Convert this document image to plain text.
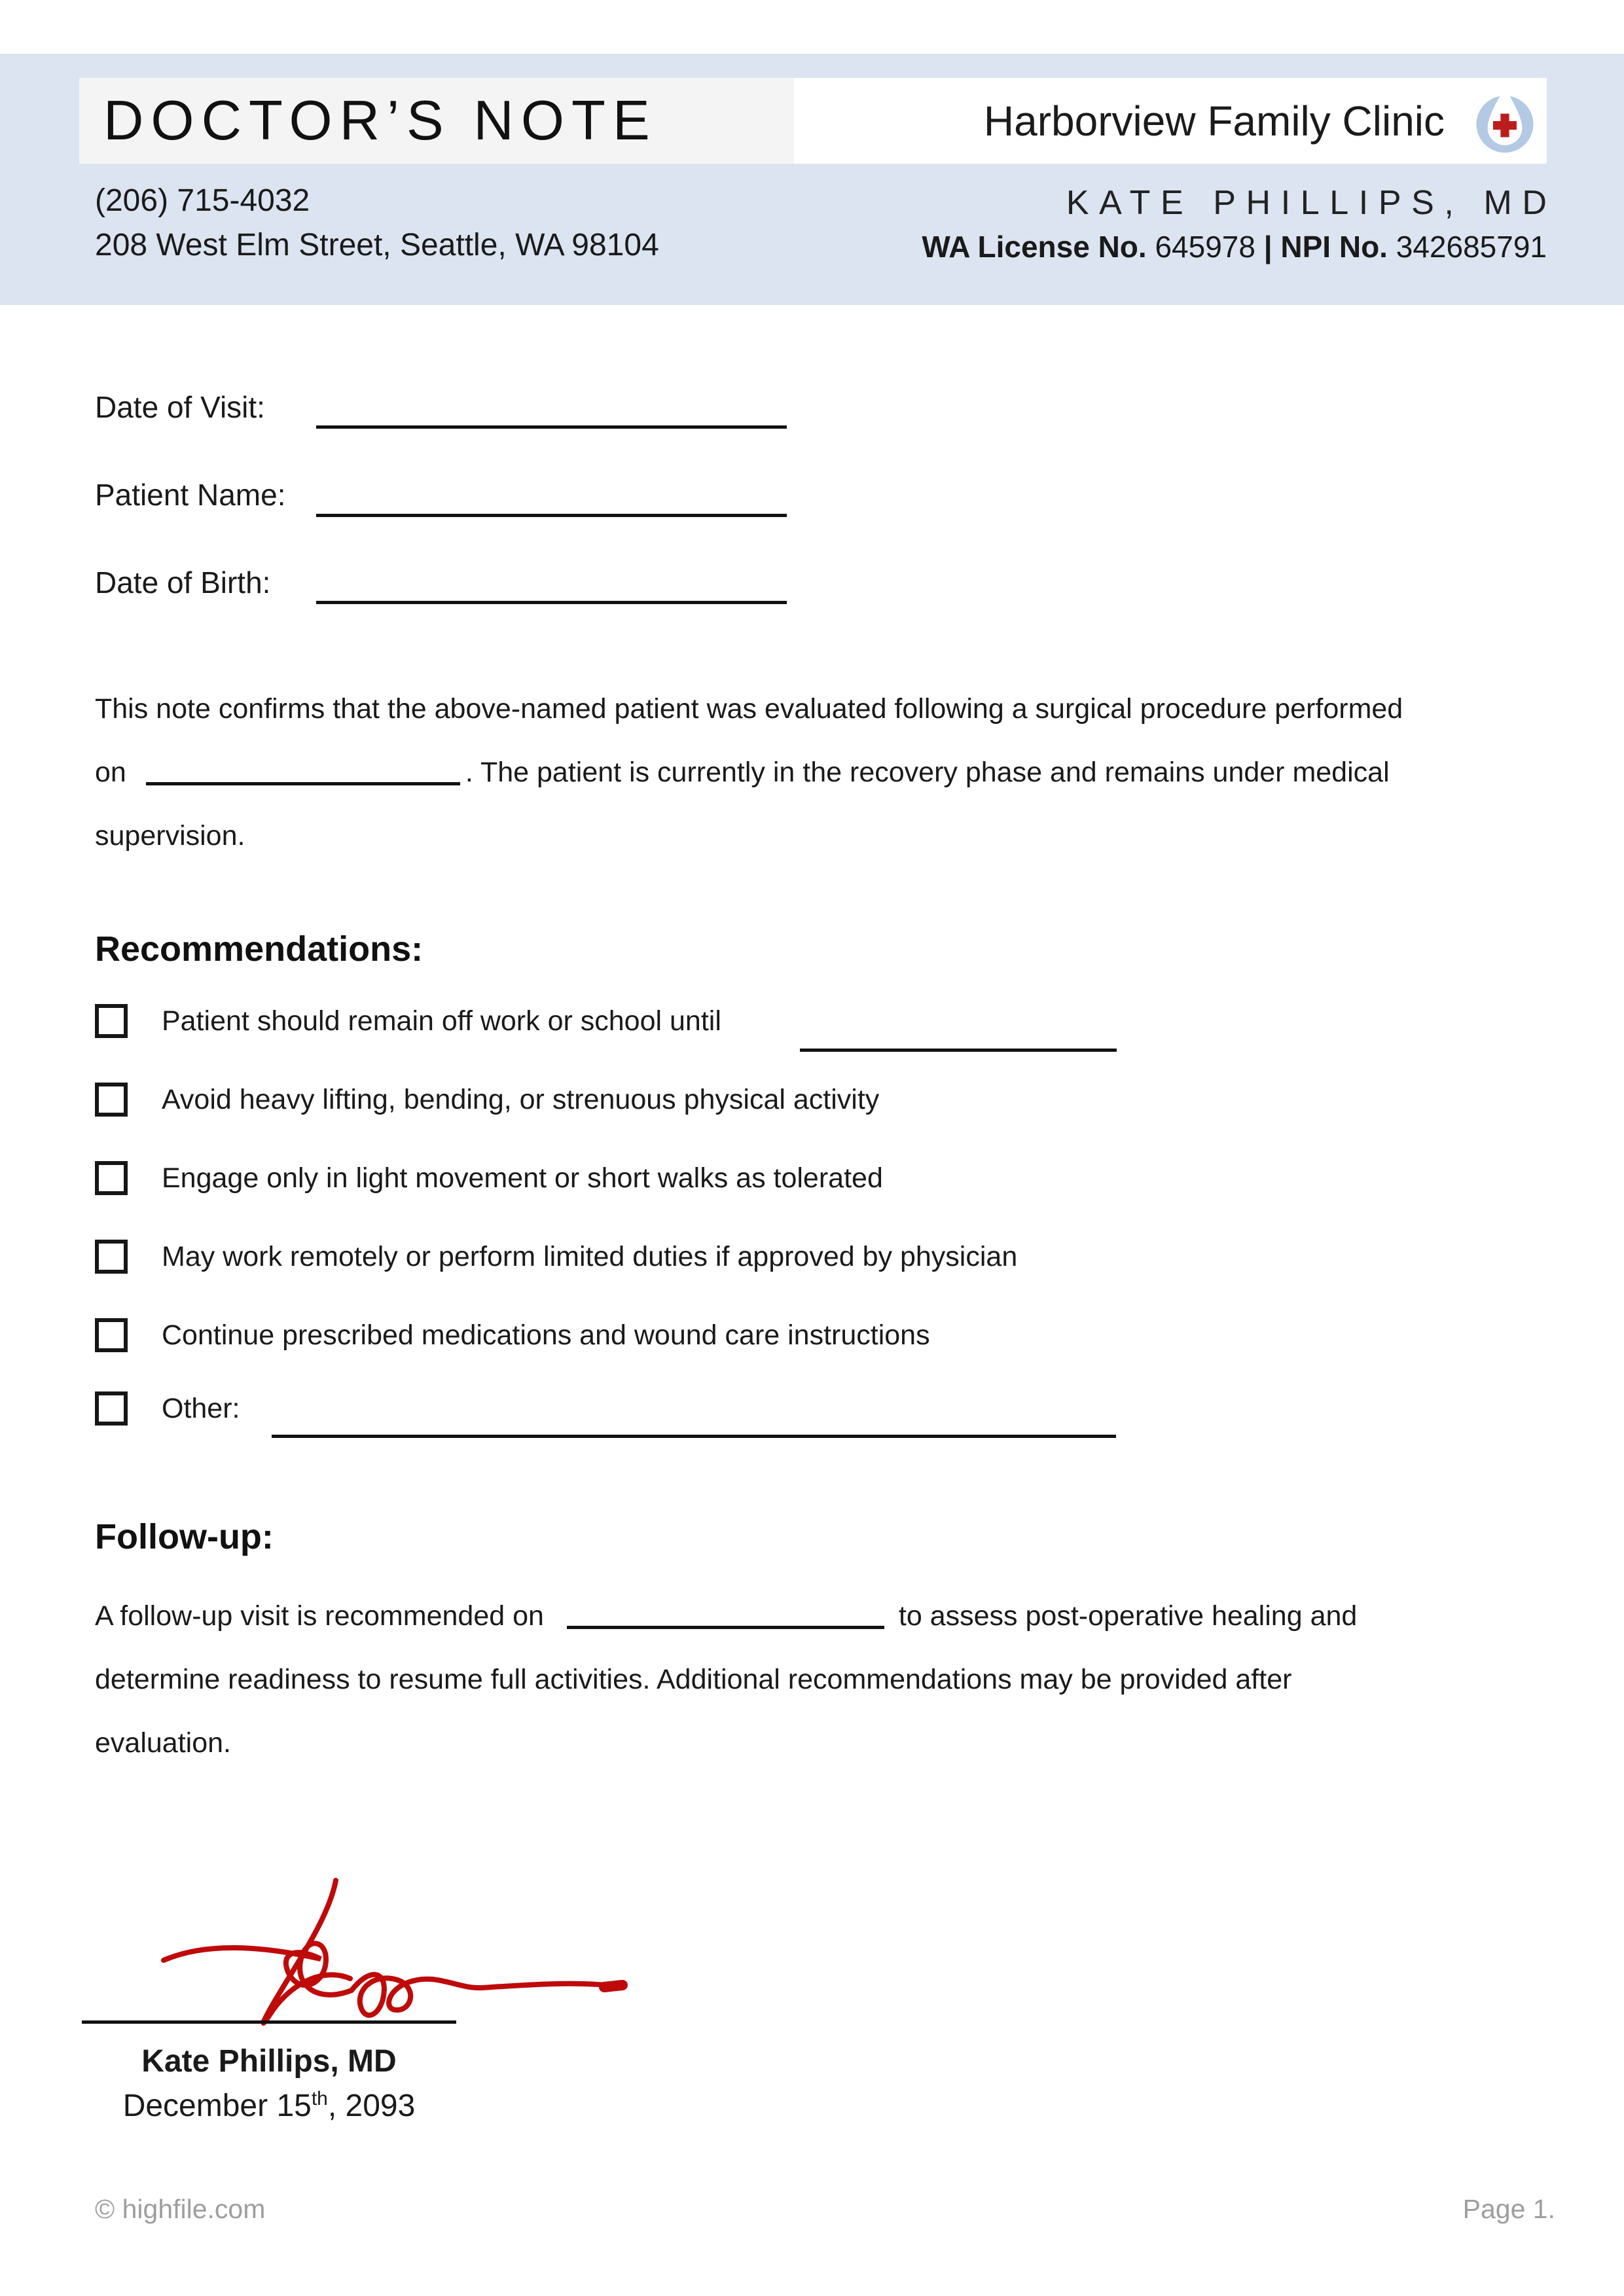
DOCTOR’S NOTE	Harborview Family Clinic
(206) 715-4032
208 West Elm Street, Seattle, WA 98104
KATE PHILLIPS, MD
WA License No. 645978 | NPI No. 342685791
Date of Visit:
Patient Name:
Date of Birth:
This note confirms that the above-named patient was evaluated following a surgical procedure performed
on	. The patient is currently in the recovery phase and remains under medical
supervision.
Recommendations:
Patient should remain off work or school until
Avoid heavy lifting, bending, or strenuous physical activity
Engage only in light movement or short walks as tolerated
May work remotely or perform limited duties if approved by physician
Continue prescribed medications and wound care instructions
Other:
Follow-up:
A follow-up visit is recommended on	to assess post-operative healing and
determine readiness to resume full activities. Additional recommendations may be provided after
evaluation.
Kate Phillips, MD
December 15th, 2093
© highfile.com	Page 1.
